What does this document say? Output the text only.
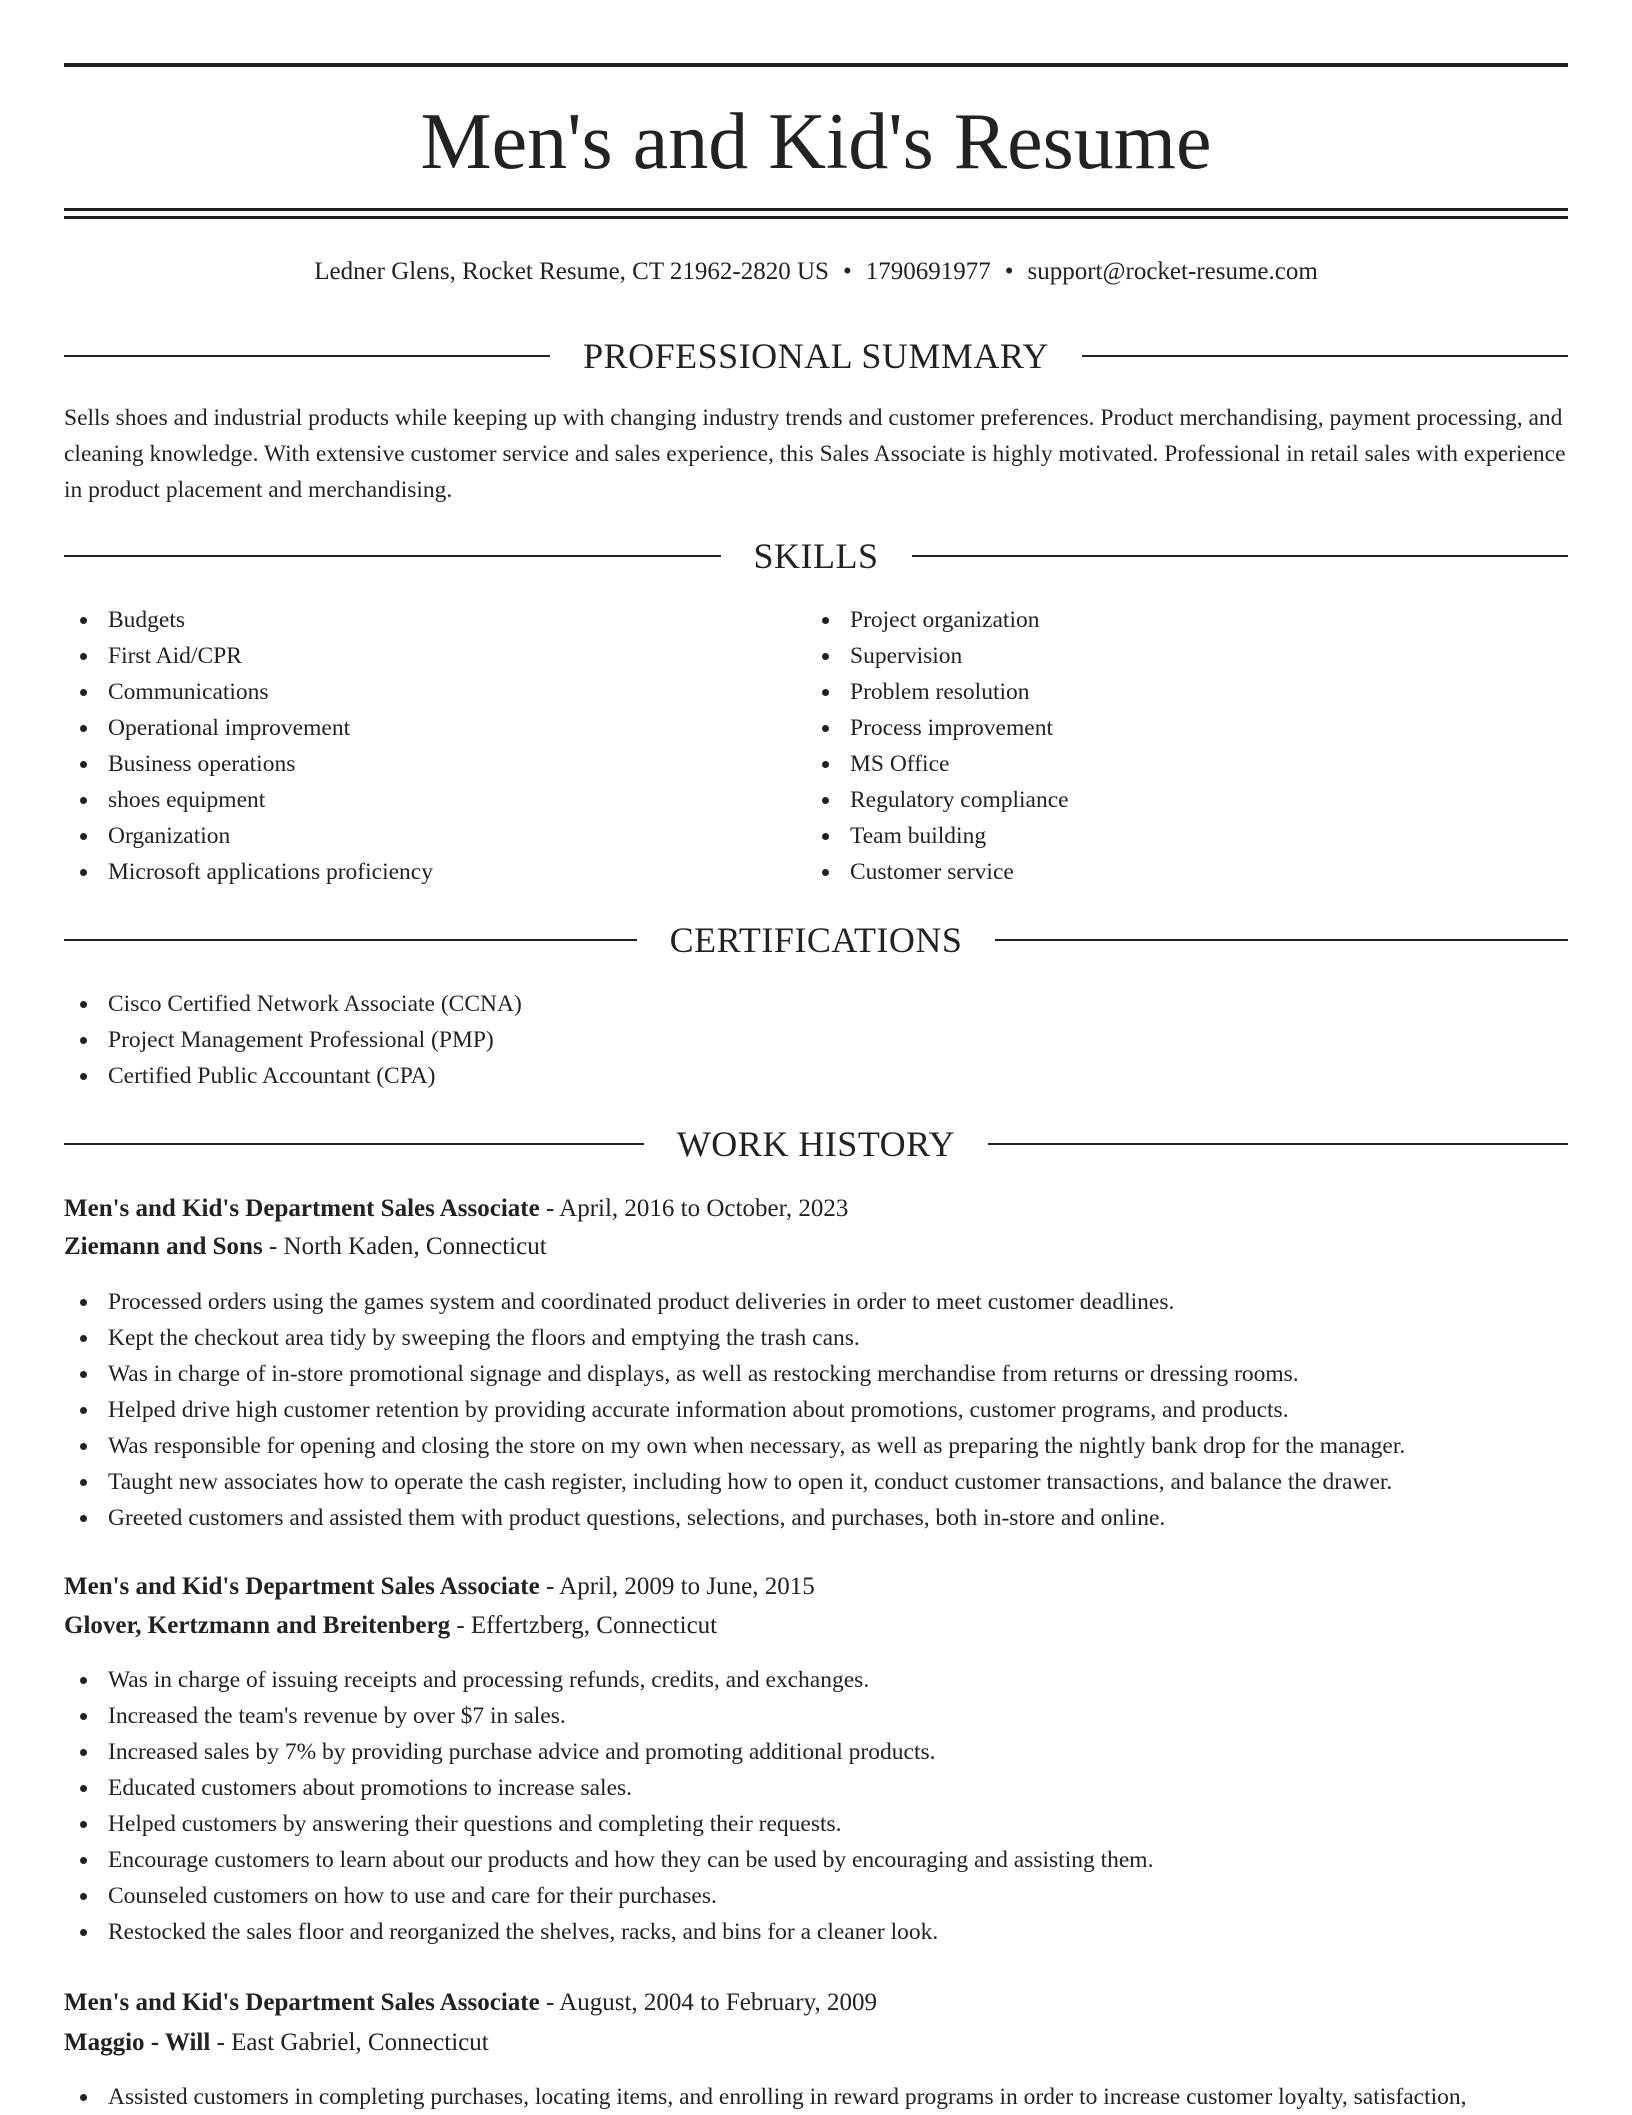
Men's and Kid's Resume
Ledner Glens, Rocket Resume, CT 21962-2820 US • 1790691977 • support@rocket-resume.com
PROFESSIONAL SUMMARY

Sells shoes and industrial products while keeping up with changing industry trends and customer preferences. Product merchandising, payment processing, and cleaning knowledge. With extensive customer service and sales experience, this Sales Associate is highly motivated. Professional in retail sales with experience in product placement and merchandising.

SKILLS
Budgets
First Aid/CPR
Communications
Operational improvement
Business operations
shoes equipment
Organization
Microsoft applications proficiency
Project organization
Supervision
Problem resolution
Process improvement
MS Office
Regulatory compliance
Team building
Customer service
CERTIFICATIONS
Cisco Certified Network Associate (CCNA)
Project Management Professional (PMP)
Certified Public Accountant (CPA)
WORK HISTORY
Men's and Kid's Department Sales Associate - April, 2016 to October, 2023
Ziemann and Sons - North Kaden, Connecticut
Processed orders using the games system and coordinated product deliveries in order to meet customer deadlines.
Kept the checkout area tidy by sweeping the floors and emptying the trash cans.
Was in charge of in-store promotional signage and displays, as well as restocking merchandise from returns or dressing rooms.
Helped drive high customer retention by providing accurate information about promotions, customer programs, and products.
Was responsible for opening and closing the store on my own when necessary, as well as preparing the nightly bank drop for the manager.
Taught new associates how to operate the cash register, including how to open it, conduct customer transactions, and balance the drawer.
Greeted customers and assisted them with product questions, selections, and purchases, both in-store and online.
Men's and Kid's Department Sales Associate - April, 2009 to June, 2015
Glover, Kertzmann and Breitenberg - Effertzberg, Connecticut
Was in charge of issuing receipts and processing refunds, credits, and exchanges.
Increased the team's revenue by over $7 in sales.
Increased sales by 7% by providing purchase advice and promoting additional products.
Educated customers about promotions to increase sales.
Helped customers by answering their questions and completing their requests.
Encourage customers to learn about our products and how they can be used by encouraging and assisting them.
Counseled customers on how to use and care for their purchases.
Restocked the sales floor and reorganized the shelves, racks, and bins for a cleaner look.
Men's and Kid's Department Sales Associate - August, 2004 to February, 2009
Maggio - Will - East Gabriel, Connecticut
Assisted customers in completing purchases, locating items, and enrolling in reward programs in order to increase customer loyalty, satisfaction,
